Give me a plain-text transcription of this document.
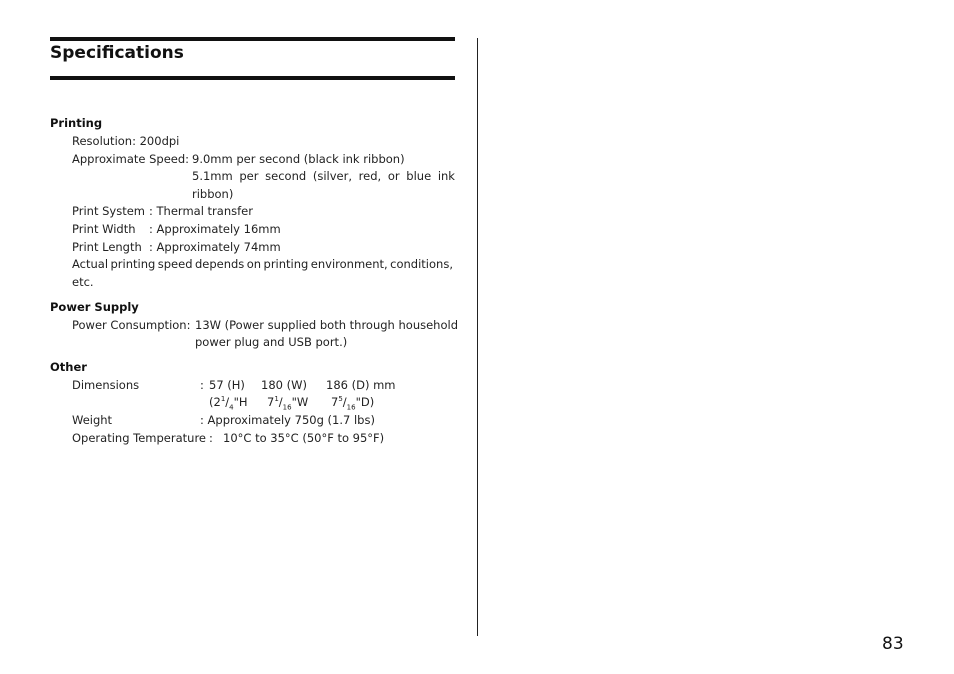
Specifications
Printing
Resolution: 200dpi
Approximate Speed: 9.0mm per second (black ink ribbon)
5.1mm per second (silver, red, or blue ink
ribbon)
Print System : Thermal transfer
Print Width : Approximately 16mm
Print Length : Approximately 74mm
Actual printing speed depends on printing environment, conditions,
etc.
Power Supply
Power Consumption: 13W (Power supplied both through household
power plug and USB port.)
Other
Dimensions	: 57 (H) 180 (W) 186 (D) mm
($2^1/_4"H$ $7^1/_{16}"W$ $7^5/_{16}"D$)
Weight	: Approximately 750g (1.7 lbs)
Operating Temperature : 10°C to 35°C (50°F to 95°F)
83
